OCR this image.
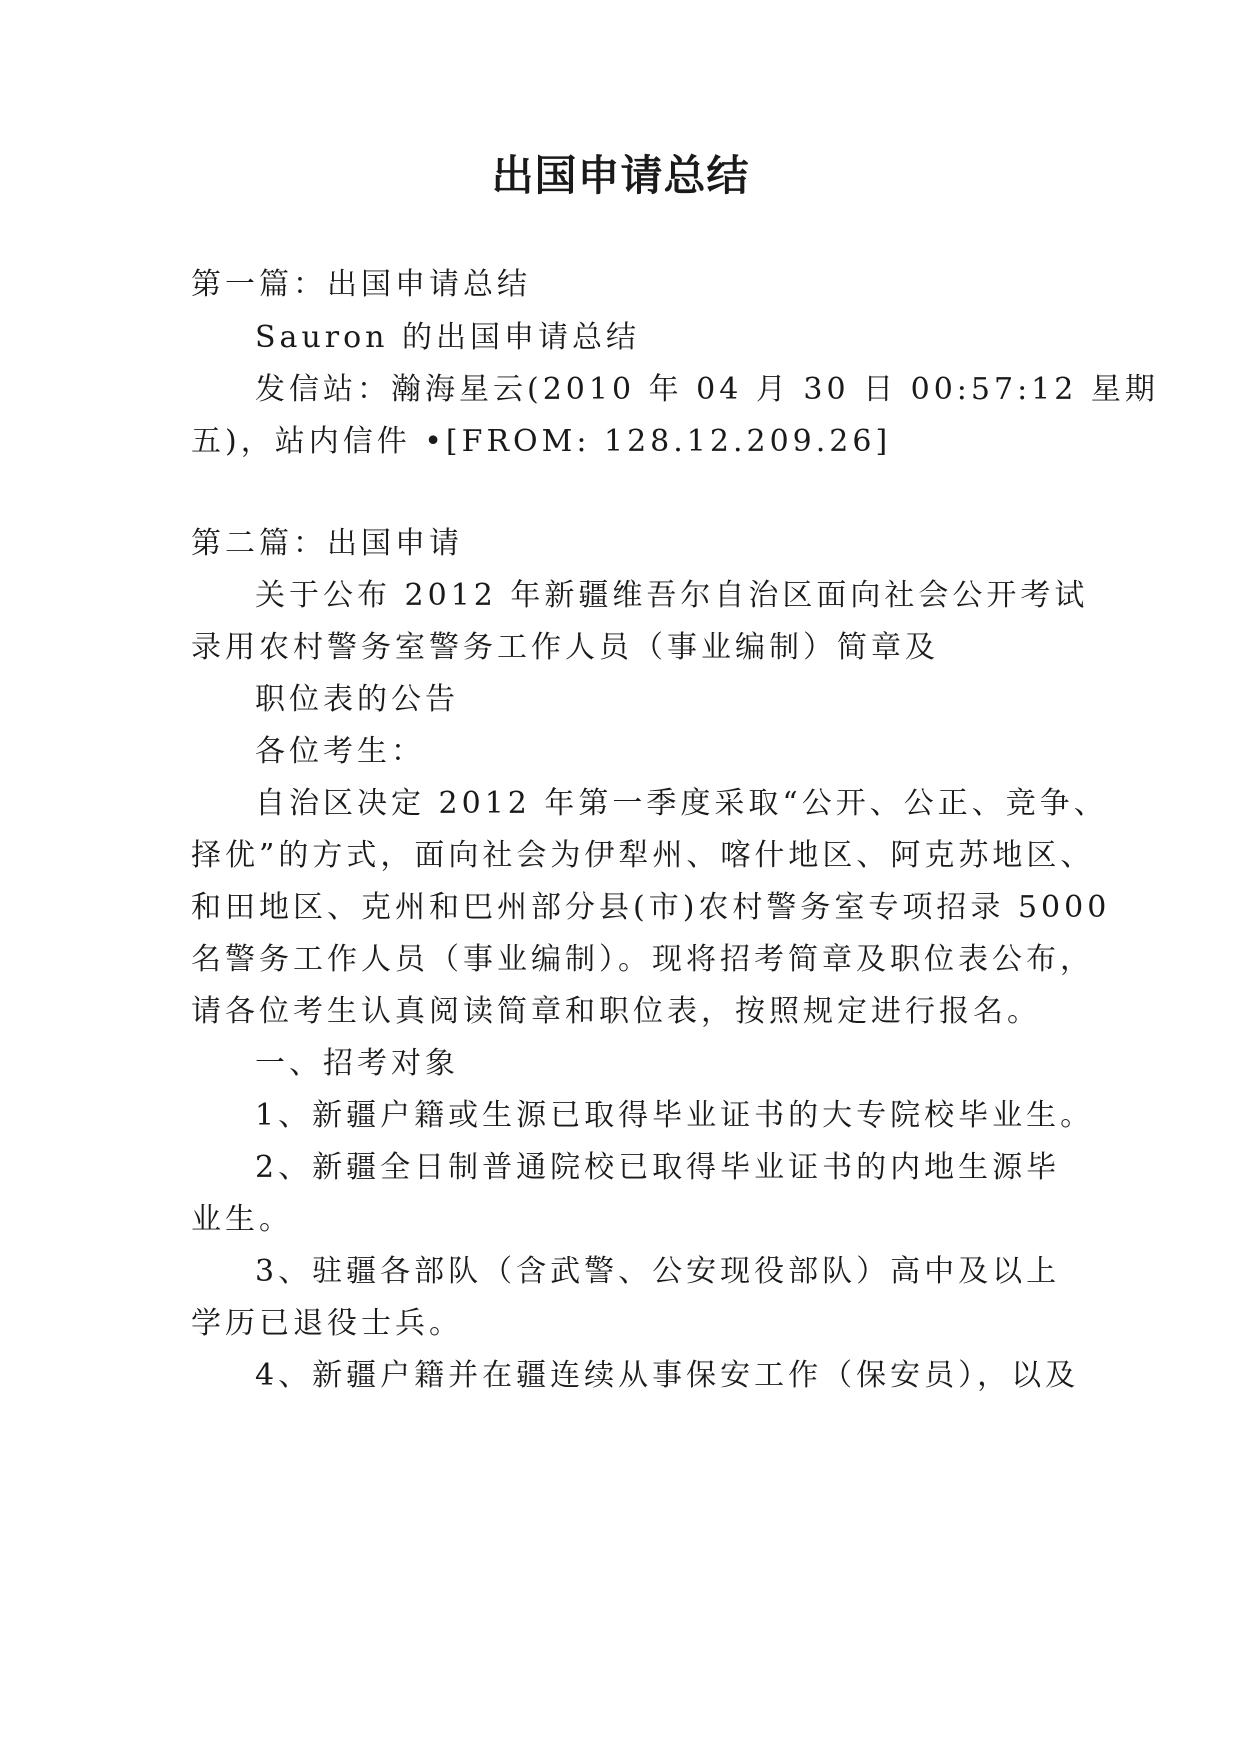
出国申请总结
第一篇：出国申请总结
Sauron 的出国申请总结
发信站：瀚海星云(2010 年 04 月 30 日 00:57:12 星期
五)，站内信件 •[FROM: 128.12.209.26]
第二篇：出国申请
关于公布 2012 年新疆维吾尔自治区面向社会公开考试
录用农村警务室警务工作人员（事业编制）简章及
职位表的公告
各位考生：
自治区决定 2012 年第一季度采取“公开、公正、竞争、
择优”的方式，面向社会为伊犁州、喀什地区、阿克苏地区、
和田地区、克州和巴州部分县(市)农村警务室专项招录 5000
名警务工作人员（事业编制）。现将招考简章及职位表公布，
请各位考生认真阅读简章和职位表，按照规定进行报名。
一、招考对象
1、新疆户籍或生源已取得毕业证书的大专院校毕业生。
2、新疆全日制普通院校已取得毕业证书的内地生源毕
业生。
3、驻疆各部队（含武警、公安现役部队）高中及以上
学历已退役士兵。
4、新疆户籍并在疆连续从事保安工作（保安员），以及
